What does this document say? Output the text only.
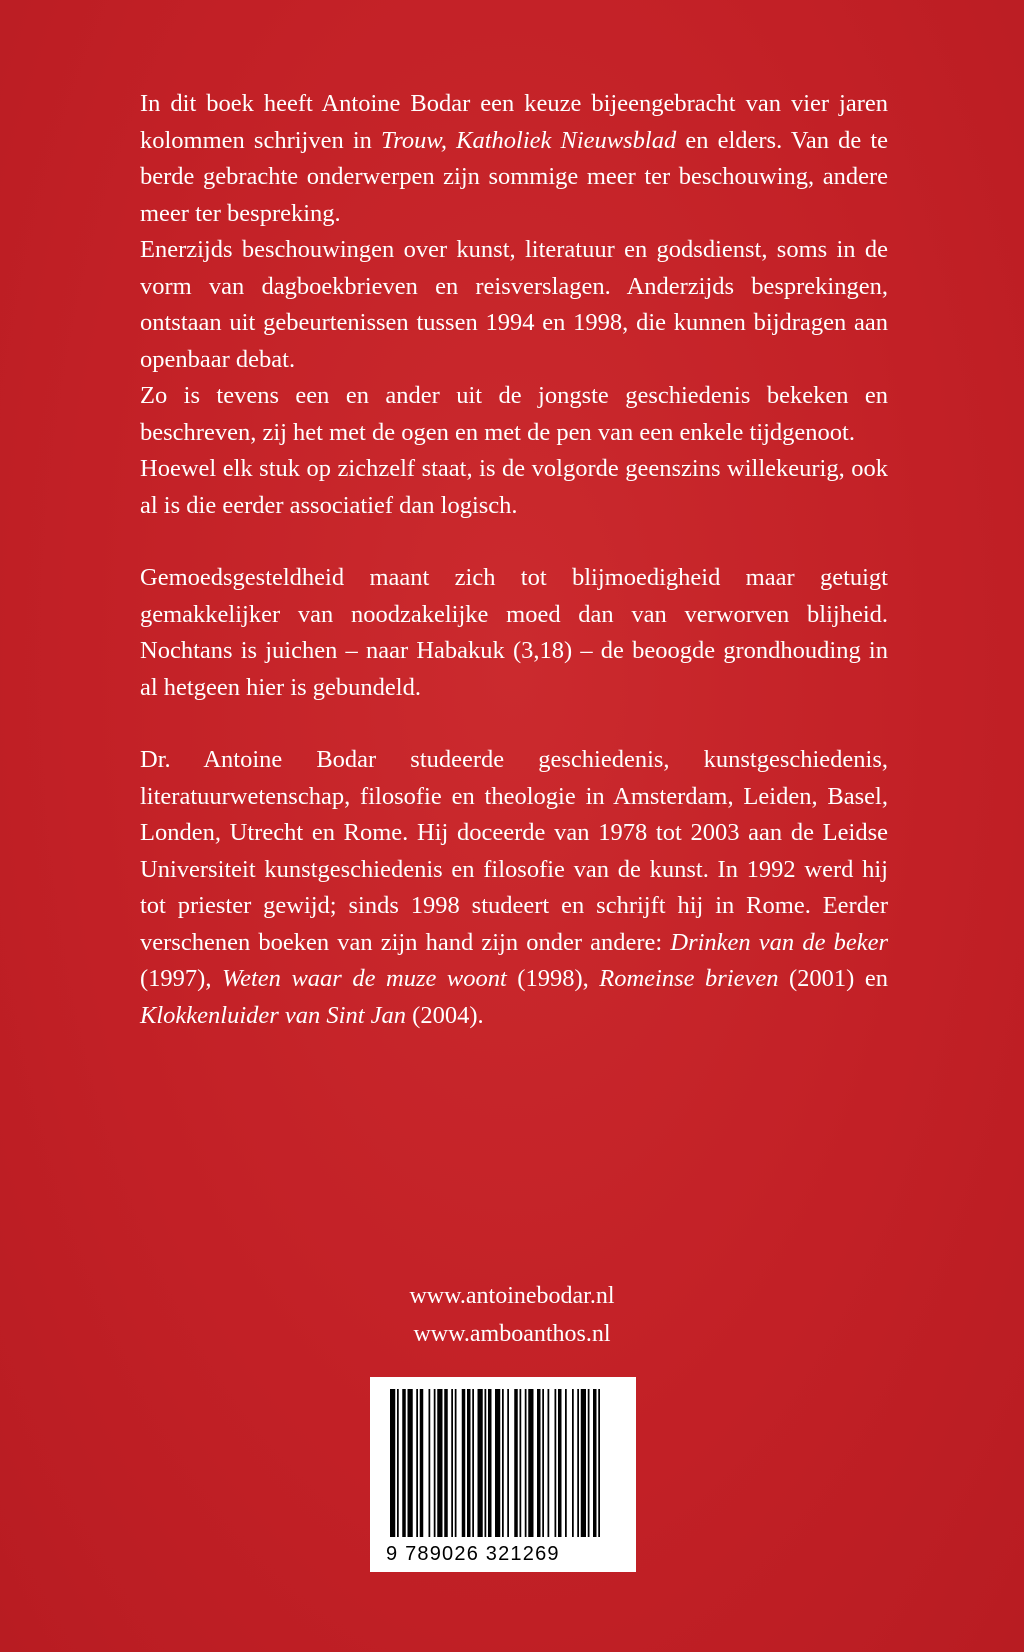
In dit boek heeft Antoine Bodar een keuze bijeengebracht van vier jaren kolommen schrijven in Trouw, Katholiek Nieuwsblad en elders. Van de te berde gebrachte onderwerpen zijn sommige meer ter beschouwing, andere meer ter bespreking.

Enerzijds beschouwingen over kunst, literatuur en godsdienst, soms in de vorm van dagboekbrieven en reisverslagen. Anderzijds besprekingen, ontstaan uit gebeurtenissen tussen 1994 en 1998, die kunnen bijdragen aan openbaar debat.

Zo is tevens een en ander uit de jongste geschiedenis bekeken en beschreven, zij het met de ogen en met de pen van een enkele tijdgenoot.

Hoewel elk stuk op zichzelf staat, is de volgorde geenszins willekeurig, ook al is die eerder associatief dan logisch.

Gemoedsgesteldheid maant zich tot blijmoedigheid maar getuigt gemakkelijker van noodzakelijke moed dan van verworven blijheid. Nochtans is juichen – naar Habakuk (3,18) – de beoogde grondhouding in al hetgeen hier is gebundeld.

Dr. Antoine Bodar studeerde geschiedenis, kunstgeschiedenis, literatuurwetenschap, filosofie en theologie in Amsterdam, Leiden, Basel, Londen, Utrecht en Rome. Hij doceerde van 1978 tot 2003 aan de Leidse Universiteit kunstgeschiedenis en filosofie van de kunst. In 1992 werd hij tot priester gewijd; sinds 1998 studeert en schrijft hij in Rome. Eerder verschenen boeken van zijn hand zijn onder andere: Drinken van de beker (1997), Weten waar de muze woont (1998), Romeinse brieven (2001) en Klokkenluider van Sint Jan (2004).

www.antoinebodar.nl
www.amboanthos.nl
9 789026 321269
